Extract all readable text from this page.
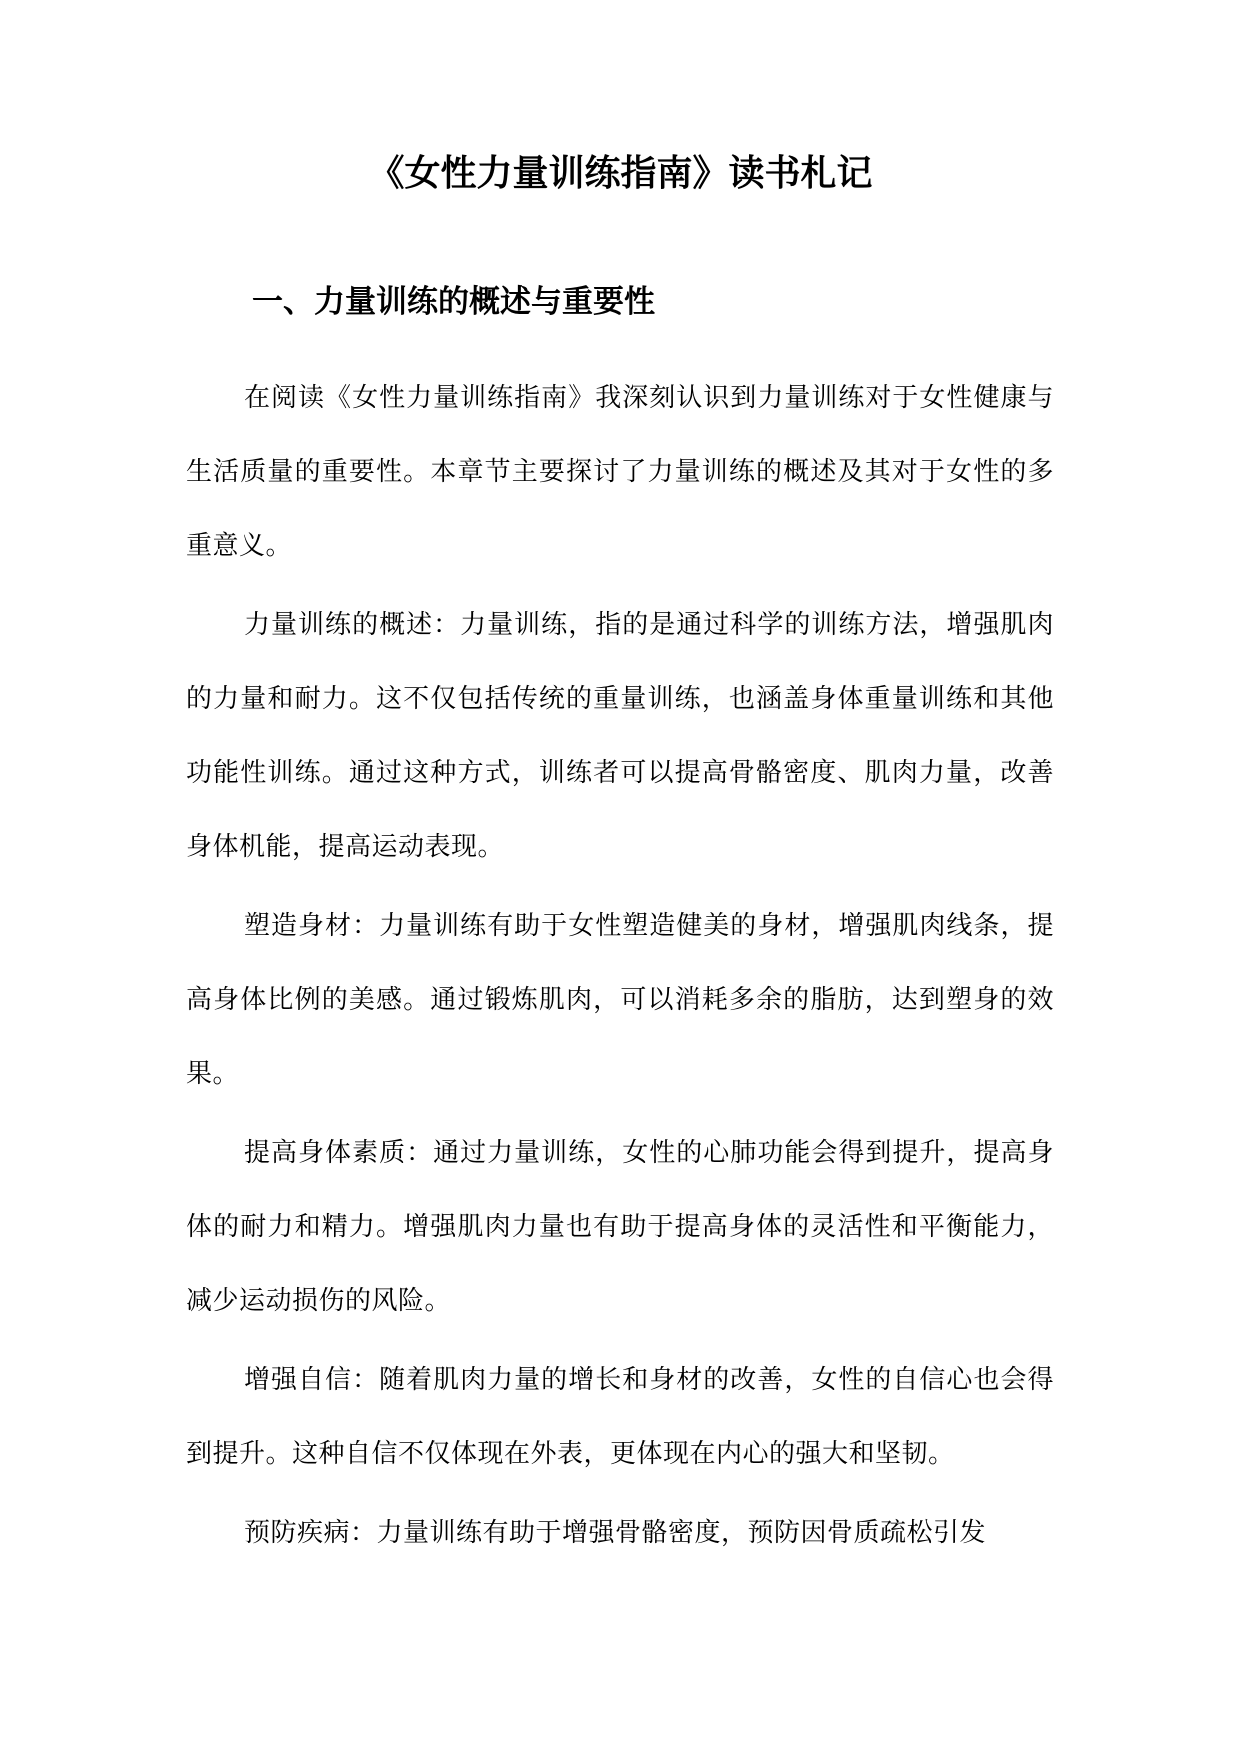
《女性力量训练指南》读书札记
一、力量训练的概述与重要性

在阅读《女性力量训练指南》我深刻认识到力量训练对于女性健康与生活质量的重要性。本章节主要探讨了力量训练的概述及其对于女性的多重意义。

力量训练的概述：力量训练，指的是通过科学的训练方法，增强肌肉的力量和耐力。这不仅包括传统的重量训练，也涵盖身体重量训练和其他功能性训练。通过这种方式，训练者可以提高骨骼密度、肌肉力量，改善身体机能，提高运动表现。

塑造身材：力量训练有助于女性塑造健美的身材，增强肌肉线条，提高身体比例的美感。通过锻炼肌肉，可以消耗多余的脂肪，达到塑身的效果。

提高身体素质：通过力量训练，女性的心肺功能会得到提升，提高身体的耐力和精力。增强肌肉力量也有助于提高身体的灵活性和平衡能力，减少运动损伤的风险。

增强自信：随着肌肉力量的增长和身材的改善，女性的自信心也会得到提升。这种自信不仅体现在外表，更体现在内心的强大和坚韧。

预防疾病：力量训练有助于增强骨骼密度，预防因骨质疏松引发
